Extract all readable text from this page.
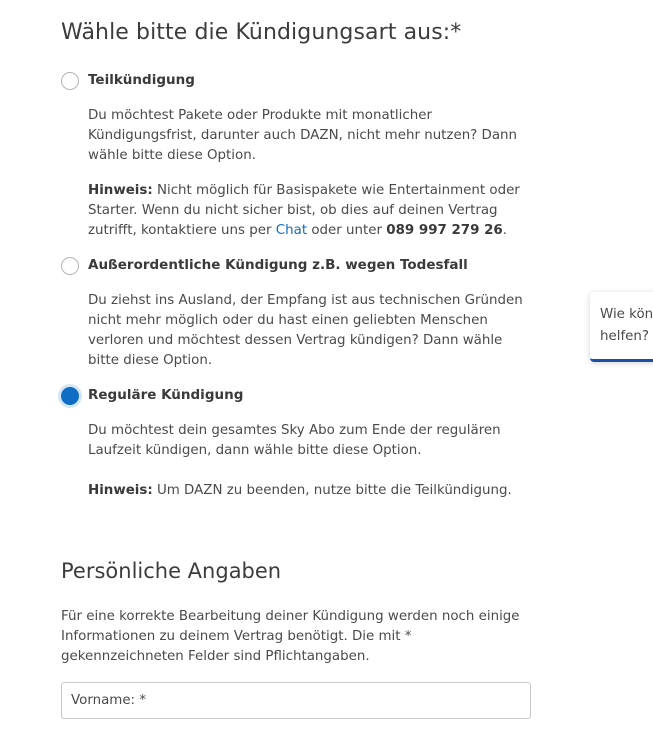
Wähle bitte die Kündigungsart aus:*
Teilkündigung

Du möchtest Pakete oder Produkte mit monatlicher Kündigungsfrist, darunter auch DAZN, nicht mehr nutzen? Dann wähle bitte diese Option.

Hinweis: Nicht möglich für Basispakete wie Entertainment oder Starter. Wenn du nicht sicher bist, ob dies auf deinen Vertrag zutrifft, kontaktiere uns per Chat oder unter 089 997 279 26.

Außerordentliche Kündigung z.B. wegen Todesfall

Du ziehst ins Ausland, der Empfang ist aus technischen Gründen nicht mehr möglich oder du hast einen geliebten Menschen verloren und möchtest dessen Vertrag kündigen? Dann wähle bitte diese Option.

Reguläre Kündigung

Du möchtest dein gesamtes Sky Abo zum Ende der regulären Laufzeit kündigen, dann wähle bitte diese Option.

Hinweis: Um DAZN zu beenden, nutze bitte die Teilkündigung.

Persönliche Angaben

Für eine korrekte Bearbeitung deiner Kündigung werden noch einige Informationen zu deinem Vertrag benötigt. Die mit * gekennzeichneten Felder sind Pflichtangaben.

Vorname: *

Wie kön helfen?
